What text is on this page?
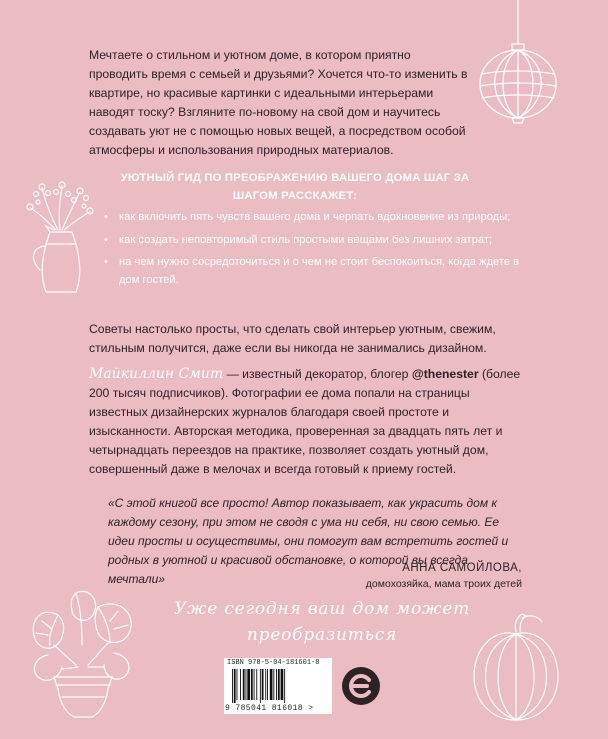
Мечтаете о стильном и уютном доме, в котором приятно проводить время с семьей и друзьями? Хочется что-то изменить в квартире, но красивые картинки с идеальными интерьерами наводят тоску? Взгляните по-новому на свой дом и научитесь создавать уют не с помощью новых вещей, а посредством особой атмосферы и использования природных материалов.

УЮТНЫЙ ГИД ПО ПРЕОБРАЖЕНИЮ ВАШЕГО ДОМА ШАГ ЗА ШАГОМ РАССКАЖЕТ:
• как включить пять чувств вашего дома и черпать вдохновение из природы;
• как создать неповторимый стиль простыми вещами без лишних затрат;
• на чем нужно сосредоточиться и о чем не стоит беспокоиться, когда ждете в дом гостей.

Советы настолько просты, что сделать свой интерьер уютным, свежим, стильным получится, даже если вы никогда не занимались дизайном.

Майкиллин Смит — известный декоратор, блогер @thenester (более 200 тысяч подписчиков). Фотографии ее дома попали на страницы известных дизайнерских журналов благодаря своей простоте и изысканности. Авторская методика, проверенная за двадцать пять лет и четырнадцать переездов на практике, позволяет создать уютный дом, совершенный даже в мелочах и всегда готовый к приему гостей.

«С этой книгой все просто! Автор показывает, как украсить дом к каждому сезону, при этом не сводя с ума ни себя, ни свою семью. Ее идеи просты и осуществимы, они помогут вам встретить гостей и родных в уютной и красивой обстановке, о которой вы всегда мечтали»

АННА САМОЙЛОВА,
домохозяйка, мама троих детей
Уже сегодня ваш дом может преобразиться
ISBN 978-5-04-181601-8
9 785041 816018 >
